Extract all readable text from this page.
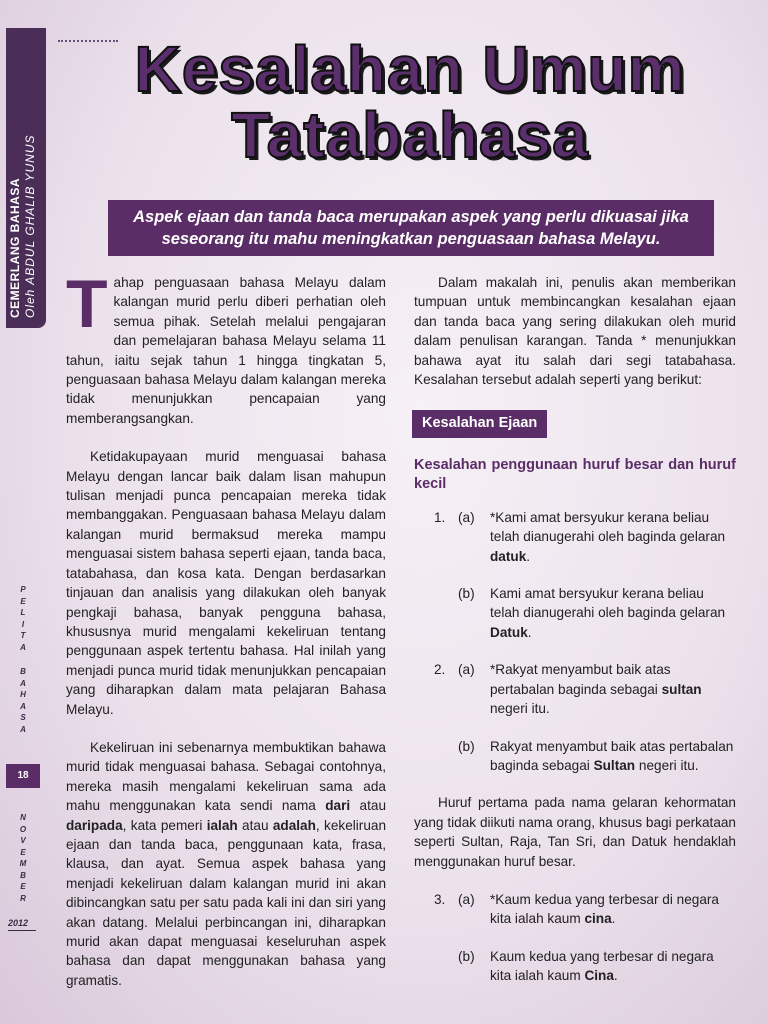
CEMERLANG BAHASA Oleh ABDUL GHALIB YUNUS
Kesalahan Umum
Tatabahasa
Aspek ejaan dan tanda baca merupakan aspek yang perlu dikuasai jika seseorang itu mahu meningkatkan penguasaan bahasa Melayu.

T ahap penguasaan bahasa Melayu dalam kalangan murid perlu diberi perhatian oleh semua pihak. Setelah melalui pengajaran dan pemelajaran bahasa Melayu selama 11 tahun, iaitu sejak tahun 1 hingga tingkatan 5, penguasaan bahasa Melayu dalam kalangan mereka tidak menunjukkan pencapaian yang memberangsangkan.

Ketidakupayaan murid menguasai bahasa Melayu dengan lancar baik dalam lisan mahupun tulisan menjadi punca pencapaian mereka tidak membanggakan. Penguasaan bahasa Melayu dalam kalangan murid bermaksud mereka mampu menguasai sistem bahasa seperti ejaan, tanda baca, tatabahasa, dan kosa kata. Dengan berdasarkan tinjauan dan analisis yang dilakukan oleh banyak pengkaji bahasa, banyak pengguna bahasa, khususnya murid mengalami kekeliruan tentang penggunaan aspek tertentu bahasa. Hal inilah yang menjadi punca murid tidak menunjukkan pencapaian yang diharapkan dalam mata pelajaran Bahasa Melayu.

Kekeliruan ini sebenarnya membuktikan bahawa murid tidak menguasai bahasa. Sebagai contohnya, mereka masih mengalami kekeliruan sama ada mahu menggunakan kata sendi nama dari atau daripada, kata pemeri ialah atau adalah, kekeliruan ejaan dan tanda baca, penggunaan kata, frasa, klausa, dan ayat. Semua aspek bahasa yang menjadi kekeliruan dalam kalangan murid ini akan dibincangkan satu per satu pada kali ini dan siri yang akan datang. Melalui perbincangan ini, diharapkan murid akan dapat menguasai keseluruhan aspek bahasa dan dapat menggunakan bahasa yang gramatis.

Dalam makalah ini, penulis akan memberikan tumpuan untuk membincangkan kesalahan ejaan dan tanda baca yang sering dilakukan oleh murid dalam penulisan karangan. Tanda * menunjukkan bahawa ayat itu salah dari segi tatabahasa. Kesalahan tersebut adalah seperti yang berikut:

Kesalahan Ejaan
Kesalahan penggunaan huruf besar dan huruf kecil
1. (a) *Kami amat bersyukur kerana beliau telah dianugerahi oleh baginda gelaran datuk.
(b) Kami amat bersyukur kerana beliau telah dianugerahi oleh baginda gelaran Datuk.
2. (a) *Rakyat menyambut baik atas pertabalan baginda sebagai sultan negeri itu.
(b) Rakyat menyambut baik atas pertabalan baginda sebagai Sultan negeri itu.

Huruf pertama pada nama gelaran kehormatan yang tidak diikuti nama orang, khusus bagi perkataan seperti Sultan, Raja, Tan Sri, dan Datuk hendaklah menggunakan huruf besar.

3. (a) *Kaum kedua yang terbesar di negara kita ialah kaum cina.
(b) Kaum kedua yang terbesar di negara kita ialah kaum Cina.
P
E
L
I
T
A
B
A
H
A
S
A
18
N
O
V
E
M
B
E
R
2012
